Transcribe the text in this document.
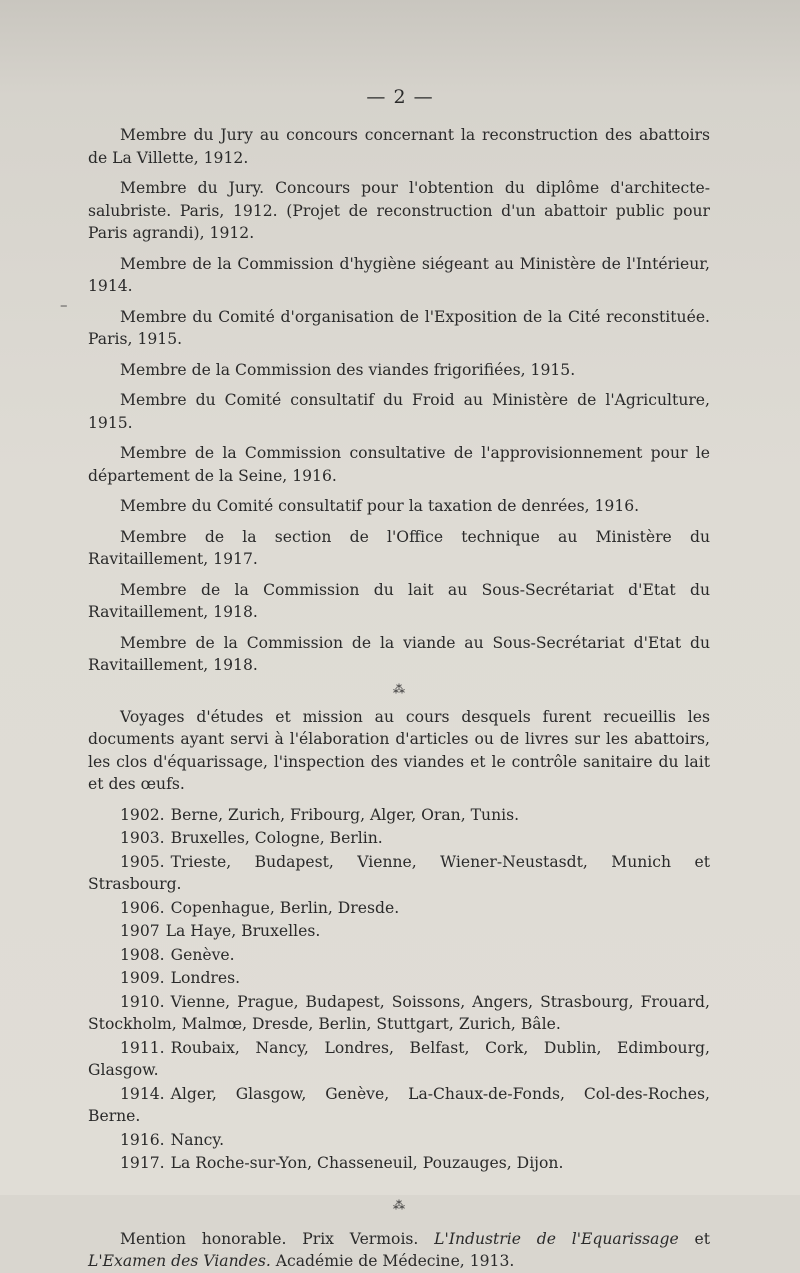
— 2 —
–

Membre du Jury au concours concernant la reconstruction des abattoirs de La Villette, 1912.

Membre du Jury. Concours pour l'obtention du diplôme d'architecte-salubriste. Paris, 1912. (Projet de reconstruction d'un abattoir public pour Paris agrandi), 1912.

Membre de la Commission d'hygiène siégeant au Ministère de l'Intérieur, 1914.

Membre du Comité d'organisation de l'Exposition de la Cité reconstituée. Paris, 1915.

Membre de la Commission des viandes frigorifiées, 1915.

Membre du Comité consultatif du Froid au Ministère de l'Agriculture, 1915.

Membre de la Commission consultative de l'approvisionnement pour le département de la Seine, 1916.

Membre du Comité consultatif pour la taxation de denrées, 1916.

Membre de la section de l'Office technique au Ministère du Ravitaillement, 1917.

Membre de la Commission du lait au Sous-Secrétariat d'Etat du Ravitaillement, 1918.

Membre de la Commission de la viande au Sous-Secrétariat d'Etat du Ravitaillement, 1918.

⁂

Voyages d'études et mission au cours desquels furent recueillis les documents ayant servi à l'élaboration d'articles ou de livres sur les abattoirs, les clos d'équarissage, l'inspection des viandes et le contrôle sanitaire du lait et des œufs.

1902. Berne, Zurich, Fribourg, Alger, Oran, Tunis.

1903. Bruxelles, Cologne, Berlin.

1905. Trieste, Budapest, Vienne, Wiener-Neustasdt, Munich et Strasbourg.

1906. Copenhague, Berlin, Dresde.

1907 La Haye, Bruxelles.

1908. Genève.

1909. Londres.

1910. Vienne, Prague, Budapest, Soissons, Angers, Strasbourg, Frouard, Stockholm, Malmœ, Dresde, Berlin, Stuttgart, Zurich, Bâle.

1911. Roubaix, Nancy, Londres, Belfast, Cork, Dublin, Edimbourg, Glasgow.

1914. Alger, Glasgow, Genève, La-Chaux-de-Fonds, Col-des-Roches, Berne.

1916. Nancy.

1917. La Roche-sur-Yon, Chasseneuil, Pouzauges, Dijon.

⁂

Mention honorable. Prix Vermois. L'Industrie de l'Equarissage et L'Examen des Viandes. Académie de Médecine, 1913.
